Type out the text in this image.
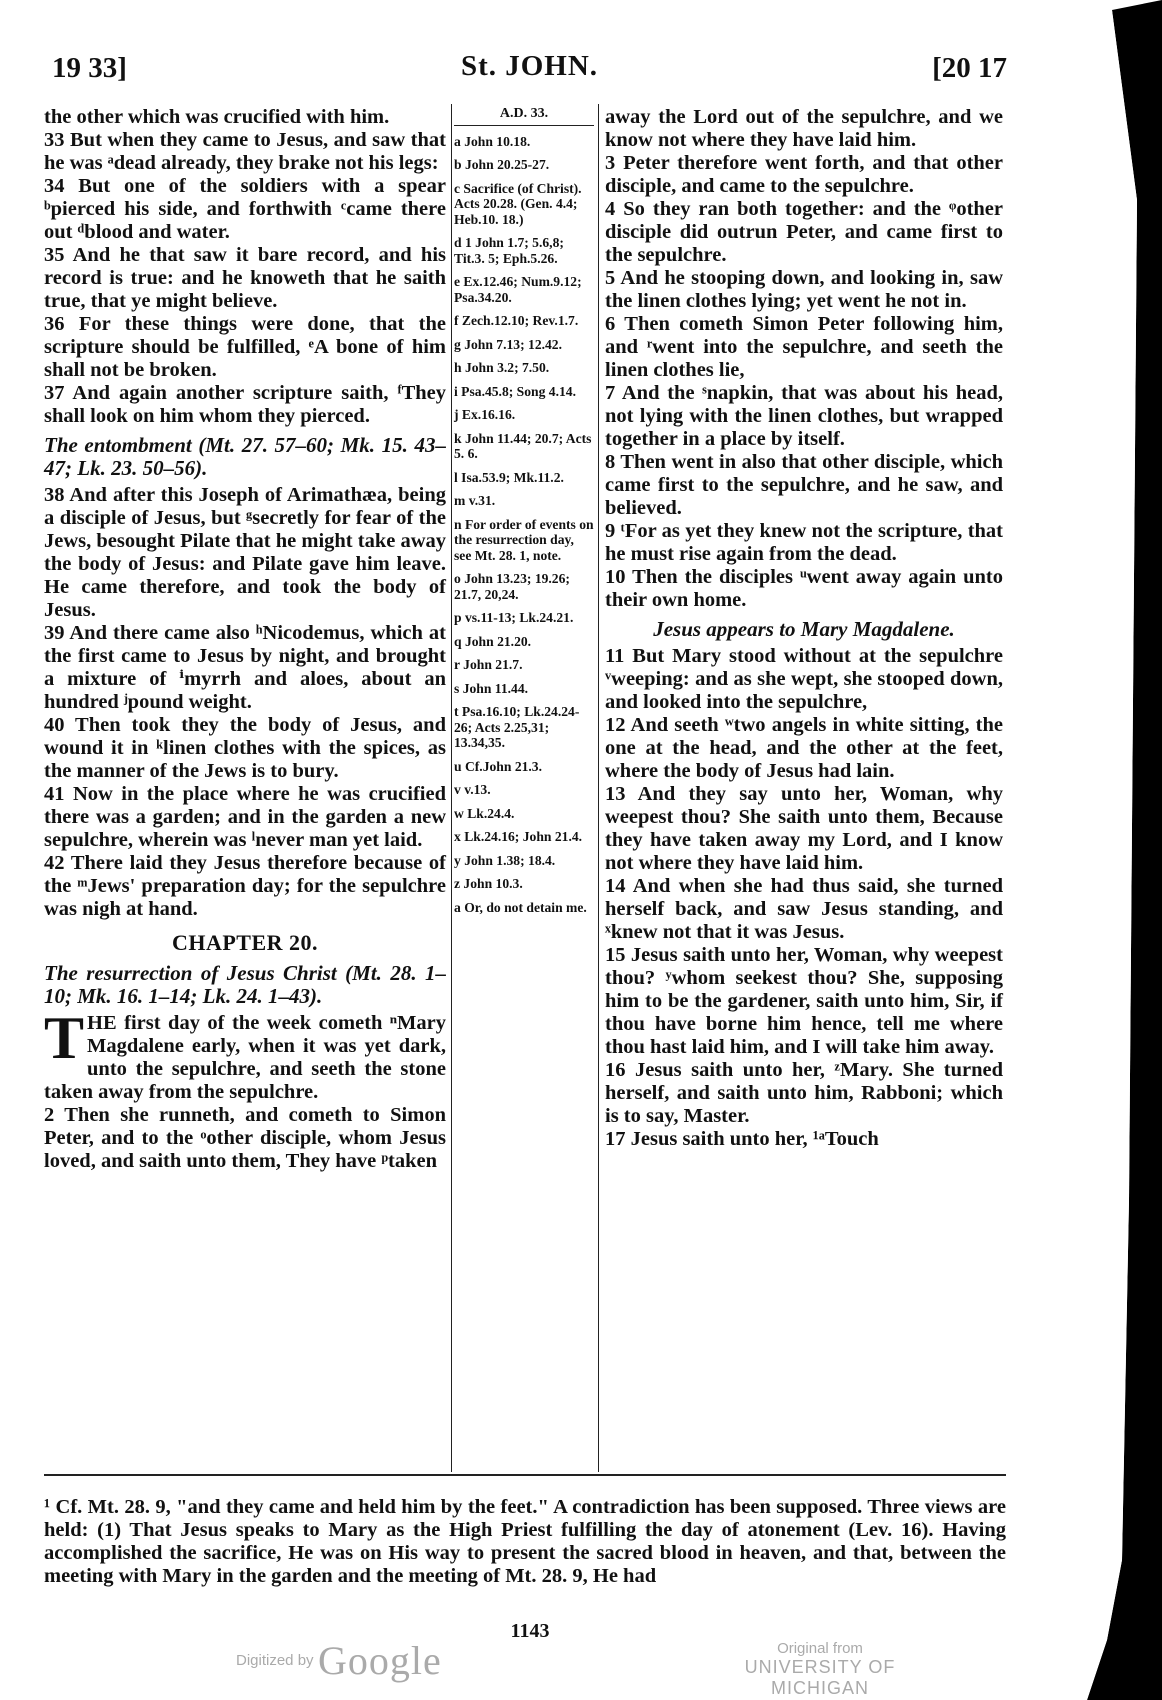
19 33]	St. JOHN.	[20 17

the other which was crucified with him.

33 But when they came to Jesus, and saw that he was ᵃdead already, they brake not his legs:

34 But one of the soldiers with a spear ᵇpierced his side, and forthwith ᶜcame there out ᵈblood and water.

35 And he that saw it bare record, and his record is true: and he knoweth that he saith true, that ye might believe.

36 For these things were done, that the scripture should be fulfilled, ᵉA bone of him shall not be broken.

37 And again another scripture saith, ᶠThey shall look on him whom they pierced.

The entombment (Mt. 27. 57–60; Mk. 15. 43–47; Lk. 23. 50–56).

38 And after this Joseph of Arimathæa, being a disciple of Jesus, but ᵍsecretly for fear of the Jews, besought Pilate that he might take away the body of Jesus: and Pilate gave him leave. He came therefore, and took the body of Jesus.

39 And there came also ʰNicodemus, which at the first came to Jesus by night, and brought a mixture of ⁱmyrrh and aloes, about an hundred ʲpound weight.

40 Then took they the body of Jesus, and wound it in ᵏlinen clothes with the spices, as the manner of the Jews is to bury.

41 Now in the place where he was crucified there was a garden; and in the garden a new sepulchre, wherein was ˡnever man yet laid.

42 There laid they Jesus therefore because of the ᵐJews' preparation day; for the sepulchre was nigh at hand.

CHAPTER 20.

The resurrection of Jesus Christ (Mt. 28. 1–10; Mk. 16. 1–14; Lk. 24. 1–43).

THE first day of the week cometh ⁿMary Magdalene early, when it was yet dark, unto the sepulchre, and seeth the stone taken away from the sepulchre.

2 Then she runneth, and cometh to Simon Peter, and to the ᵒother disciple, whom Jesus loved, and saith unto them, They have ᵖtaken

A.D. 33.

a John 10.18.

b John 20.25-27.

c Sacrifice (of Christ). Acts 20.28. (Gen. 4.4; Heb.10. 18.)

d 1 John 1.7; 5.6,8; Tit.3. 5; Eph.5.26.

e Ex.12.46; Num.9.12; Psa.34.20.

f Zech.12.10; Rev.1.7.

g John 7.13; 12.42.

h John 3.2; 7.50.

i Psa.45.8; Song 4.14.

j Ex.16.16.

k John 11.44; 20.7; Acts 5. 6.

l Isa.53.9; Mk.11.2.

m v.31.

n For order of events on the resurrection day, see Mt. 28. 1, note.

o John 13.23; 19.26; 21.7, 20,24.

p vs.11-13; Lk.24.21.

q John 21.20.

r John 21.7.

s John 11.44.

t Psa.16.10; Lk.24.24-26; Acts 2.25,31; 13.34,35.

u Cf.John 21.3.

v v.13.

w Lk.24.4.

x Lk.24.16; John 21.4.

y John 1.38; 18.4.

z John 10.3.

a Or, do not detain me.

away the Lord out of the sepulchre, and we know not where they have laid him.

3 Peter therefore went forth, and that other disciple, and came to the sepulchre.

4 So they ran both together: and the ᵠother disciple did outrun Peter, and came first to the sepulchre.

5 And he stooping down, and looking in, saw the linen clothes lying; yet went he not in.

6 Then cometh Simon Peter following him, and ʳwent into the sepulchre, and seeth the linen clothes lie,

7 And the ˢnapkin, that was about his head, not lying with the linen clothes, but wrapped together in a place by itself.

8 Then went in also that other disciple, which came first to the sepulchre, and he saw, and believed.

9 ᵗFor as yet they knew not the scripture, that he must rise again from the dead.

10 Then the disciples ᵘwent away again unto their own home.

Jesus appears to Mary Magdalene.

11 But Mary stood without at the sepulchre ᵛweeping: and as she wept, she stooped down, and looked into the sepulchre,

12 And seeth ʷtwo angels in white sitting, the one at the head, and the other at the feet, where the body of Jesus had lain.

13 And they say unto her, Woman, why weepest thou? She saith unto them, Because they have taken away my Lord, and I know not where they have laid him.

14 And when she had thus said, she turned herself back, and saw Jesus standing, and ˣknew not that it was Jesus.

15 Jesus saith unto her, Woman, why weepest thou? ʸwhom seekest thou? She, supposing him to be the gardener, saith unto him, Sir, if thou have borne him hence, tell me where thou hast laid him, and I will take him away.

16 Jesus saith unto her, ᶻMary. She turned herself, and saith unto him, Rabboni; which is to say, Master.

17 Jesus saith unto her, ¹ᵃTouch

¹ Cf. Mt. 28. 9, "and they came and held him by the feet." A contradiction has been supposed. Three views are held: (1) That Jesus speaks to Mary as the High Priest fulfilling the day of atonement (Lev. 16). Having accomplished the sacrifice, He was on His way to present the sacred blood in heaven, and that, between the meeting with Mary in the garden and the meeting of Mt. 28. 9, He had
1143
Digitized by Google	Original from
UNIVERSITY OF MICHIGAN
